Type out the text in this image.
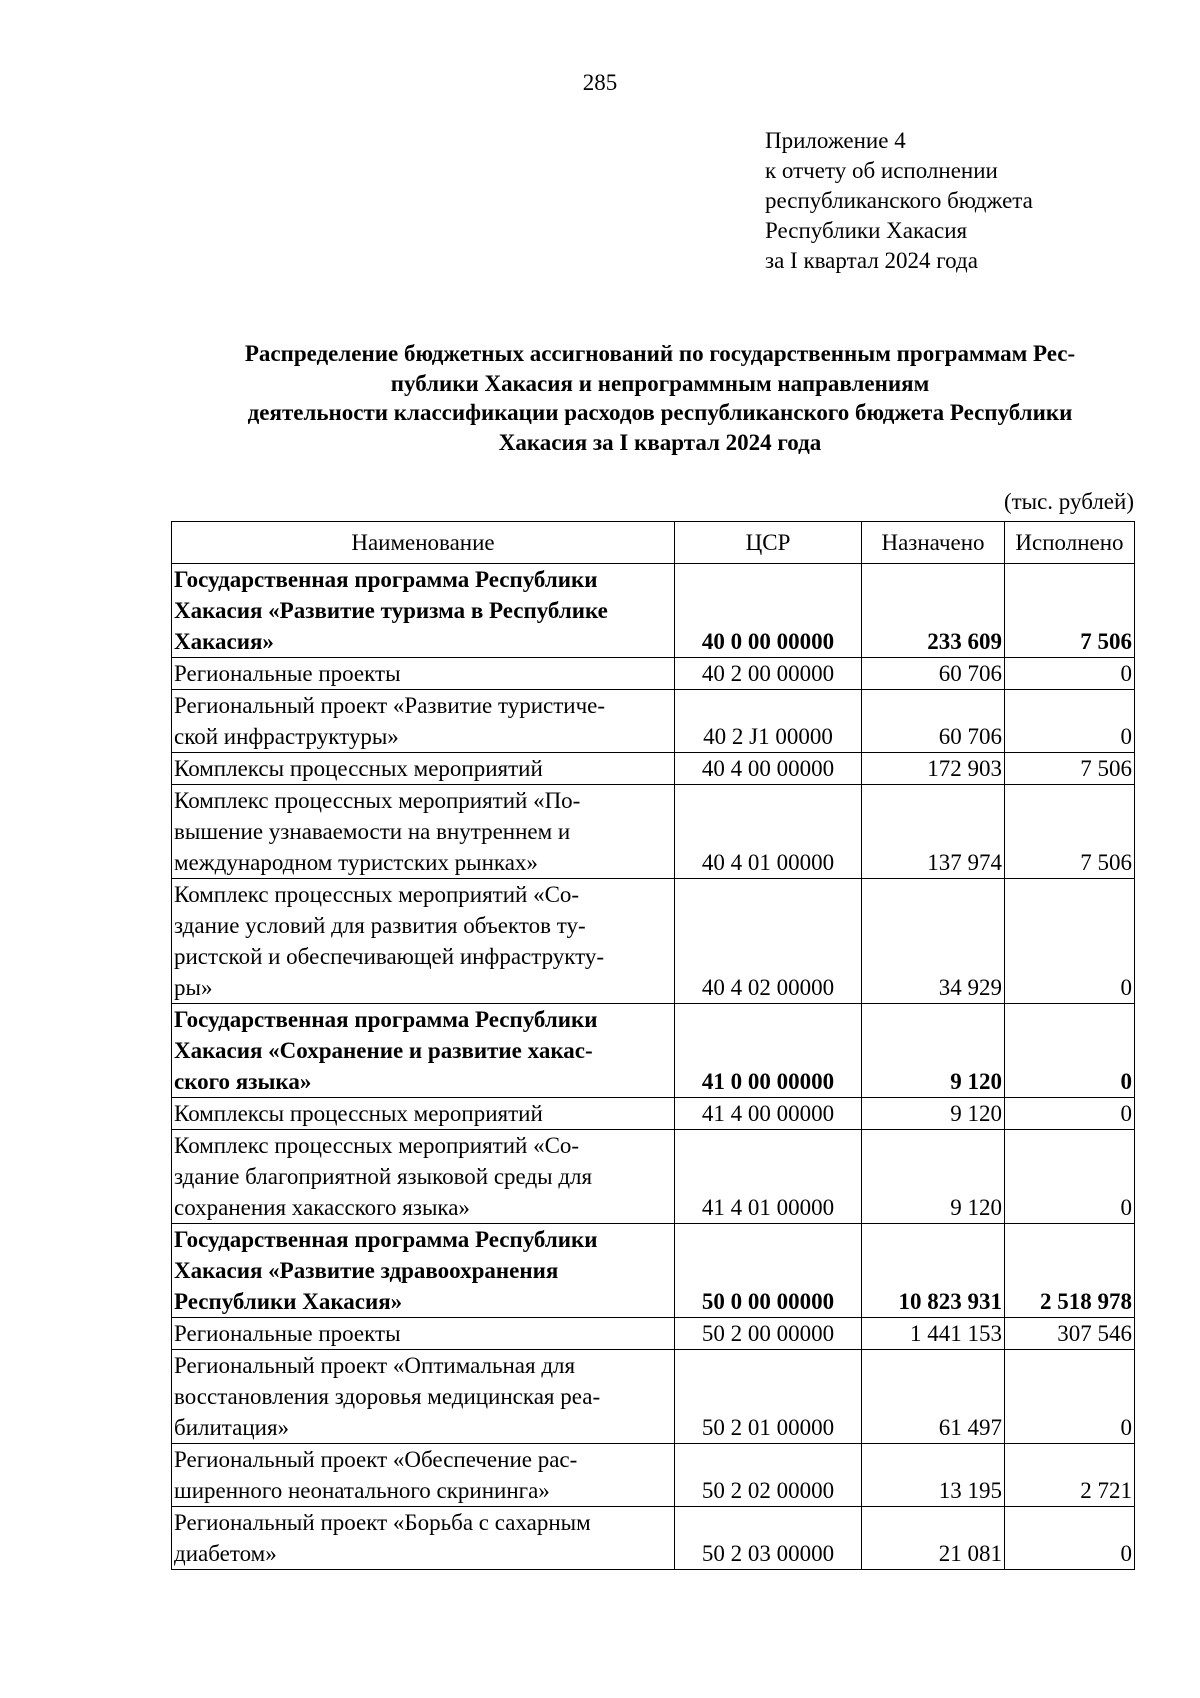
285
Приложение 4
к отчету об исполнении
республиканского бюджета
Республики Хакасия
за I квартал 2024 года
Распределение бюджетных ассигнований по государственным программам Рес-
публики Хакасия и непрограммным направлениям
деятельности классификации расходов республиканского бюджета Республики
Хакасия за I квартал 2024 года
(тыс. рублей)
Наименование	ЦСР	Назначено	Исполнено

Государственная программа Республики
Хакасия «Развитие туризма в Республике
Хакасия»	40 0 00 00000	233 609	7 506

Региональные проекты	40 2 00 00000	60 706	0

Региональный проект «Развитие туристиче-
ской инфраструктуры»	40 2 J1 00000	60 706	0

Комплексы процессных мероприятий	40 4 00 00000	172 903	7 506

Комплекс процессных мероприятий «По-
вышение узнаваемости на внутреннем и
международном туристских рынках»	40 4 01 00000	137 974	7 506

Комплекс процессных мероприятий «Со-
здание условий для развития объектов ту-
ристской и обеспечивающей инфраструкту-
ры»	40 4 02 00000	34 929	0

Государственная программа Республики
Хакасия «Сохранение и развитие хакас-
ского языка»	41 0 00 00000	9 120	0

Комплексы процессных мероприятий	41 4 00 00000	9 120	0

Комплекс процессных мероприятий «Со-
здание благоприятной языковой среды для
сохранения хакасского языка»	41 4 01 00000	9 120	0

Государственная программа Республики
Хакасия «Развитие здравоохранения
Республики Хакасия»	50 0 00 00000	10 823 931	2 518 978

Региональные проекты	50 2 00 00000	1 441 153	307 546

Региональный проект «Оптимальная для
восстановления здоровья медицинская реа-
билитация»	50 2 01 00000	61 497	0

Региональный проект «Обеспечение рас-
ширенного неонатального скрининга»	50 2 02 00000	13 195	2 721

Региональный проект «Борьба с сахарным
диабетом»	50 2 03 00000	21 081	0
